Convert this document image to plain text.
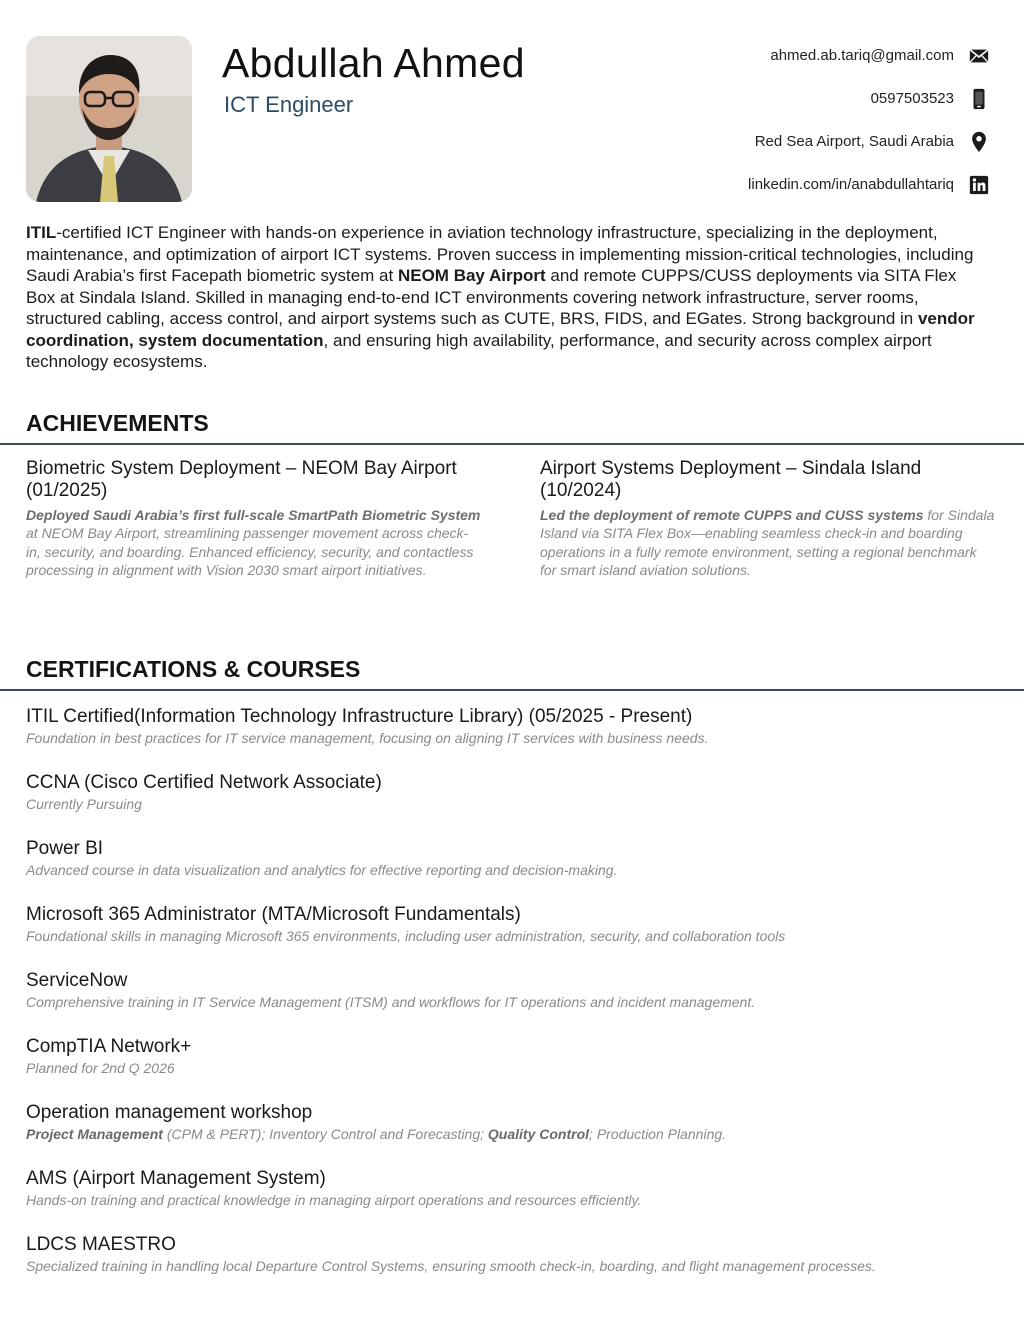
Abdullah Ahmed
ICT Engineer
ahmed.ab.tariq@gmail.com
0597503523
Red Sea Airport, Saudi Arabia
linkedin.com/in/anabdullahtariq
ITIL-certified ICT Engineer with hands-on experience in aviation technology infrastructure, specializing in the deployment, maintenance, and optimization of airport ICT systems. Proven success in implementing mission-critical technologies, including Saudi Arabia’s first Facepath biometric system at NEOM Bay Airport and remote CUPPS/CUSS deployments via SITA Flex Box at Sindala Island. Skilled in managing end-to-end ICT environments covering network infrastructure, server rooms, structured cabling, access control, and airport systems such as CUTE, BRS, FIDS, and EGates. Strong background in vendor coordination, system documentation, and ensuring high availability, performance, and security across complex airport technology ecosystems.
ACHIEVEMENTS
Biometric System Deployment – NEOM Bay Airport (01/2025)
Deployed Saudi Arabia’s first full-scale SmartPath Biometric System at NEOM Bay Airport, streamlining passenger movement across check-in, security, and boarding. Enhanced efficiency, security, and contactless processing in alignment with Vision 2030 smart airport initiatives.
Airport Systems Deployment – Sindala Island (10/2024)
Led the deployment of remote CUPPS and CUSS systems for Sindala Island via SITA Flex Box—enabling seamless check-in and boarding operations in a fully remote environment, setting a regional benchmark for smart island aviation solutions.
CERTIFICATIONS & COURSES
ITIL Certified(Information Technology Infrastructure Library) (05/2025 - Present)
Foundation in best practices for IT service management, focusing on aligning IT services with business needs.
CCNA (Cisco Certified Network Associate)
Currently Pursuing
Power BI
Advanced course in data visualization and analytics for effective reporting and decision-making.
Microsoft 365 Administrator (MTA/Microsoft Fundamentals)
Foundational skills in managing Microsoft 365 environments, including user administration, security, and collaboration tools
ServiceNow
Comprehensive training in IT Service Management (ITSM) and workflows for IT operations and incident management.
CompTIA Network+
Planned for 2nd Q 2026
Operation management workshop
Project Management (CPM & PERT); Inventory Control and Forecasting; Quality Control; Production Planning.
AMS (Airport Management System)
Hands-on training and practical knowledge in managing airport operations and resources efficiently.
LDCS MAESTRO
Specialized training in handling local Departure Control Systems, ensuring smooth check-in, boarding, and flight management processes.
